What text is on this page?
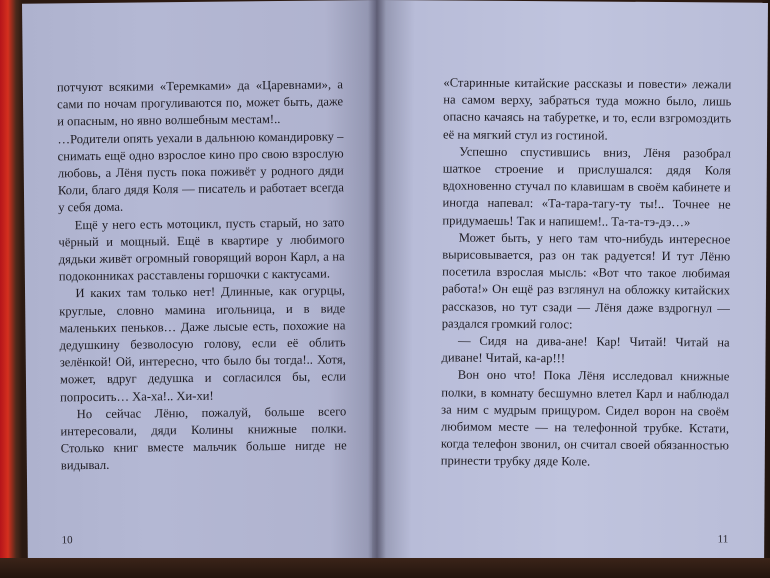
потчуют всякими «Теремками» да «Царевнами», а сами по ночам прогуливаются по, может быть, даже и опасным, но явно волшебным местам!..

…Родители опять уехали в дальнюю командировку – снимать ещё одно взрослое кино про свою взрослую любовь, а Лёня пусть пока поживёт у родного дяди Коли, благо дядя Коля — писатель и работает всегда у себя дома.

Ещё у него есть мотоцикл, пусть старый, но зато чёрный и мощный. Ещё в квартире у любимого дядьки живёт огромный говорящий ворон Карл, а на подоконниках расставлены горшочки с кактусами.

И каких там только нет! Длинные, как огурцы, круглые, словно мамина игольница, и в виде маленьких пеньков… Даже лысые есть, похожие на дедушкину безволосую голову, если её облить зелёнкой! Ой, интересно, что было бы тогда!.. Хотя, может, вдруг дедушка и согласился бы, если попросить… Ха-ха!.. Хи-хи!

Но сейчас Лёню, пожалуй, больше всего интересовали, дяди Колины книжные полки. Столько книг вместе мальчик больше нигде не видывал.

10

«Старинные китайские рассказы и повести» лежали на самом верху, забраться туда можно было, лишь опасно качаясь на табуретке, и то, если взгромоздить её на мягкий стул из гостиной.

Успешно спустившись вниз, Лёня разобрал шаткое строение и прислушался: дядя Коля вдохновенно стучал по клавишам в своём кабинете и иногда напевал: «Та-тара-тагу-ту ты!.. Точнее не придумаешь! Так и напишем!.. Та-та-тэ-дэ…»

Может быть, у него там что-нибудь интересное вырисовывается, раз он так радуется! И тут Лёню посетила взрослая мысль: «Вот что такое любимая работа!» Он ещё раз взглянул на обложку китайских рассказов, но тут сзади — Лёня даже вздрогнул — раздался громкий голос:

— Сидя на дива-ане! Кар! Читай! Читай на диване! Читай, ка-ар!!!

Вон оно что! Пока Лёня исследовал книжные полки, в комнату бесшумно влетел Карл и наблюдал за ним с мудрым прищуром. Сидел ворон на своём любимом месте — на телефонной трубке. Кстати, когда телефон звонил, он считал своей обязанностью принести трубку дяде Коле.

11
